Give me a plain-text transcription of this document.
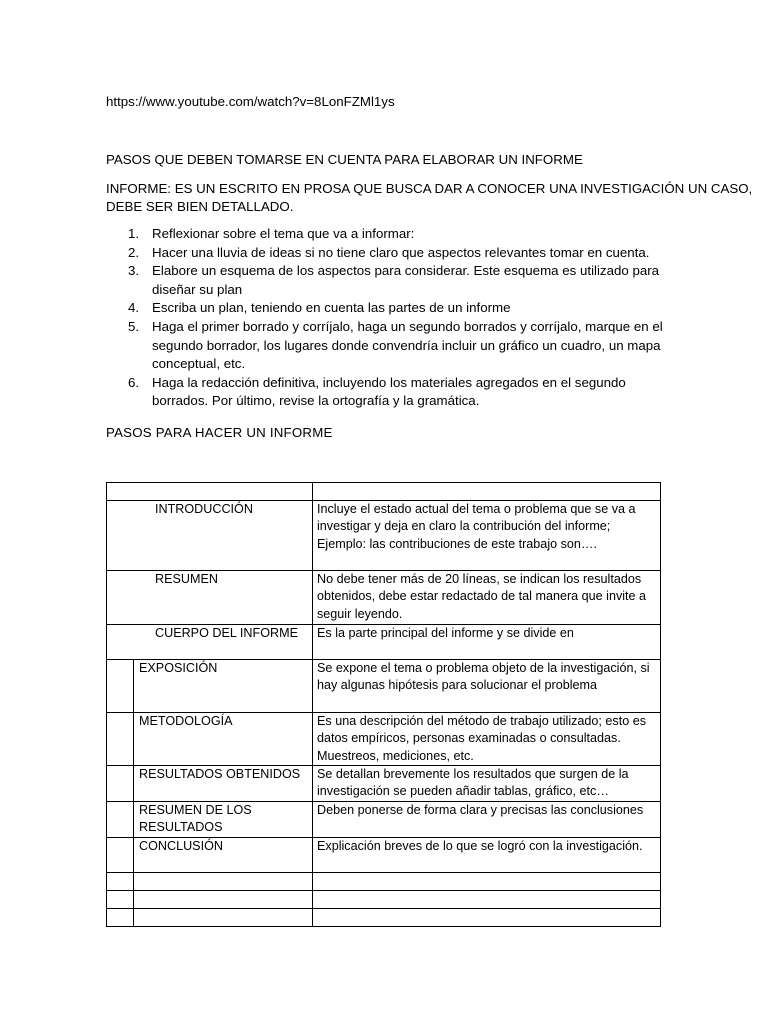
https://www.youtube.com/watch?v=8LonFZMl1ys
PASOS QUE DEBEN TOMARSE EN CUENTA PARA ELABORAR UN INFORME
INFORME: ES UN ESCRITO EN PROSA QUE BUSCA DAR A CONOCER UNA INVESTIGACIÓN UN CASO,
DEBE SER BIEN DETALLADO.
1. Reflexionar sobre el tema que va a informar:
2. Hacer una lluvia de ideas si no tiene claro que aspectos relevantes tomar en cuenta.
3. Elabore un esquema de los aspectos para considerar. Este esquema es utilizado para diseñar su plan
4. Escriba un plan, teniendo en cuenta las partes de un informe
5. Haga el primer borrado y corríjalo, haga un segundo borrados y corríjalo, marque en el segundo borrador, los lugares donde convendría incluir un gráfico un cuadro, un mapa conceptual, etc.
6. Haga la redacción definitiva, incluyendo los materiales agregados en el segundo borrados. Por último, revise la ortografía y la gramática.
PASOS PARA HACER UN INFORME

INTRODUCCIÓN		Incluye el estado actual del tema o problema que se va a investigar y deja en claro la contribución del informe; Ejemplo: las contribuciones de este trabajo son….
RESUMEN		No debe tener más de 20 líneas, se indican los resultados obtenidos, debe estar redactado de tal manera que invite a seguir leyendo.
CUERPO DEL INFORME		Es la parte principal del informe y se divide en
	EXPOSICIÓN	Se expone el tema o problema objeto de la investigación, si hay algunas hipótesis para solucionar el problema
	METODOLOGÍA	Es una descripción del método de trabajo utilizado; esto es datos empíricos, personas examinadas o consultadas. Muestreos, mediciones, etc.
	RESULTADOS OBTENIDOS	Se detallan brevemente los resultados que surgen de la investigación se pueden añadir tablas, gráfico, etc…
	RESUMEN DE LOS RESULTADOS	Deben ponerse de forma clara y precisas las conclusiones
	CONCLUSIÓN	Explicación breves de lo que se logró con la investigación.
